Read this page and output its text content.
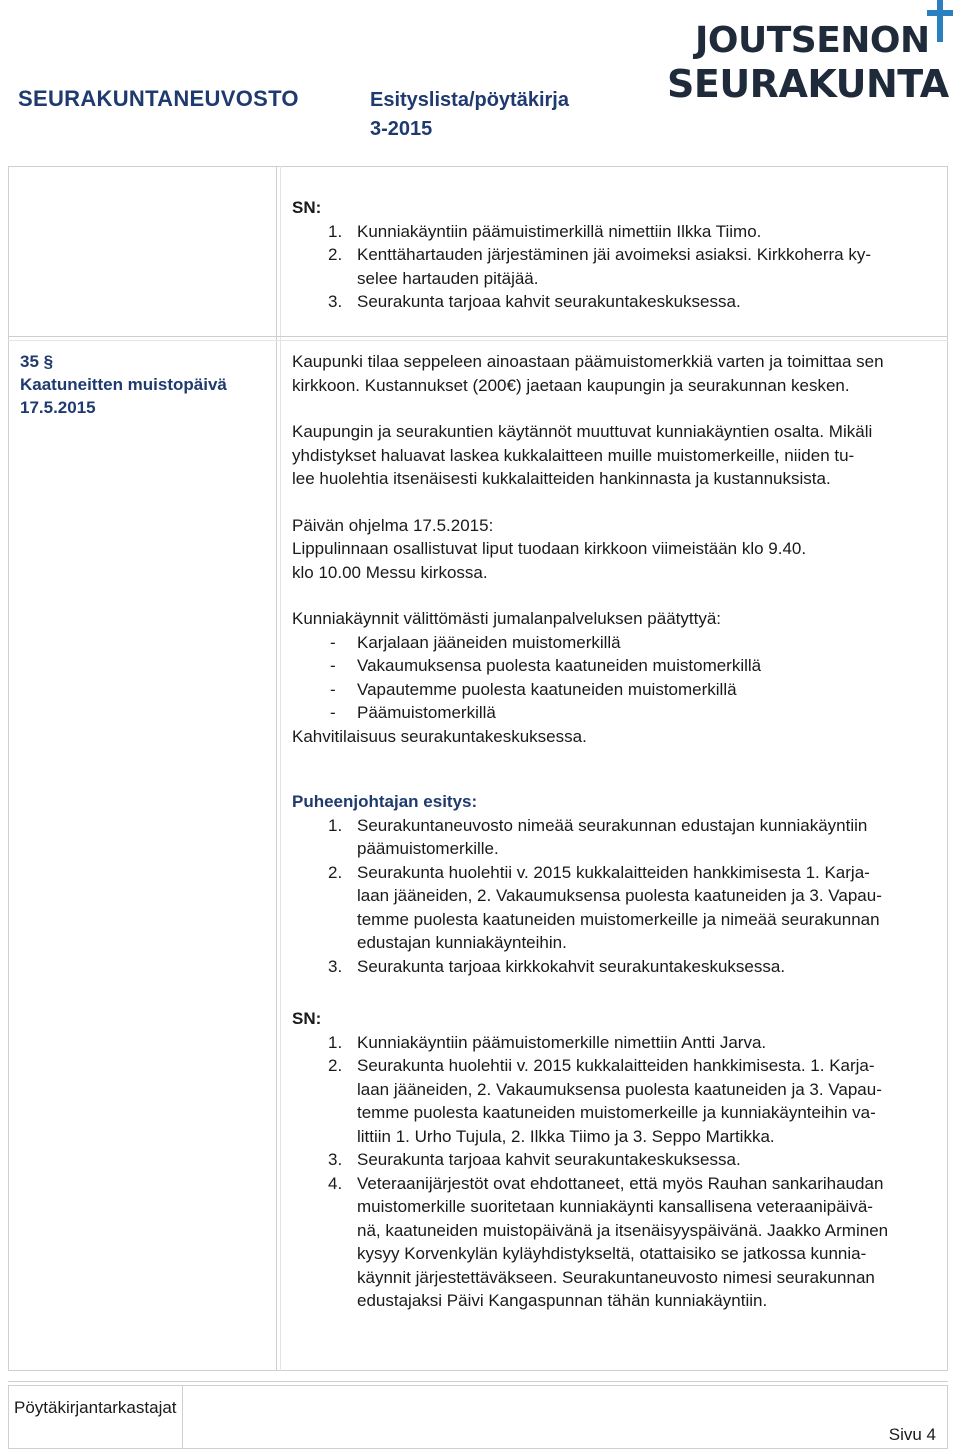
SEURAKUNTANEUVOSTO	Esityslista/pöytäkirja
3-2015
JOUTSENON
SEURAKUNTA
SN:
1. Kunniakäyntiin päämuistimerkillä nimettiin Ilkka Tiimo.
2. Kenttähartauden järjestäminen jäi avoimeksi asiaksi. Kirkkoherra ky-
selee hartauden pitäjää.
3. Seurakunta tarjoaa kahvit seurakuntakeskuksessa.
35 §
Kaatuneitten muistopäivä
17.5.2015
Kaupunki tilaa seppeleen ainoastaan päämuistomerkkiä varten ja toimittaa sen
kirkkoon. Kustannukset (200€) jaetaan kaupungin ja seurakunnan kesken.
Kaupungin ja seurakuntien käytännöt muuttuvat kunniakäyntien osalta. Mikäli
yhdistykset haluavat laskea kukkalaitteen muille muistomerkeille, niiden tu-
lee huolehtia itsenäisesti kukkalaitteiden hankinnasta ja kustannuksista.
Päivän ohjelma 17.5.2015:
Lippulinnaan osallistuvat liput tuodaan kirkkoon viimeistään klo 9.40.
klo 10.00 Messu kirkossa.
Kunniakäynnit välittömästi jumalanpalveluksen päätyttyä:
- Karjalaan jääneiden muistomerkillä
- Vakaumuksensa puolesta kaatuneiden muistomerkillä
- Vapautemme puolesta kaatuneiden muistomerkillä
- Päämuistomerkillä
Kahvitilaisuus seurakuntakeskuksessa.
Puheenjohtajan esitys:
1. Seurakuntaneuvosto nimeää seurakunnan edustajan kunniakäyntiin
päämuistomerkille.
2. Seurakunta huolehtii v. 2015 kukkalaitteiden hankkimisesta 1. Karja-
laan jääneiden, 2. Vakaumuksensa puolesta kaatuneiden ja 3. Vapau-
temme puolesta kaatuneiden muistomerkeille ja nimeää seurakunnan
edustajan kunniakäynteihin.
3. Seurakunta tarjoaa kirkkokahvit seurakuntakeskuksessa.
SN:
1. Kunniakäyntiin päämuistomerkille nimettiin Antti Jarva.
2. Seurakunta huolehtii v. 2015 kukkalaitteiden hankkimisesta. 1. Karja-
laan jääneiden, 2. Vakaumuksensa puolesta kaatuneiden ja 3. Vapau-
temme puolesta kaatuneiden muistomerkeille ja kunniakäynteihin va-
littiin 1. Urho Tujula, 2. Ilkka Tiimo ja 3. Seppo Martikka.
3. Seurakunta tarjoaa kahvit seurakuntakeskuksessa.
4. Veteraanijärjestöt ovat ehdottaneet, että myös Rauhan sankarihaudan
muistomerkille suoritetaan kunniakäynti kansallisena veteraanipäivä-
nä, kaatuneiden muistopäivänä ja itsenäisyyspäivänä. Jaakko Arminen
kysyy Korvenkylän kyläyhdistykseltä, otattaisiko se jatkossa kunnia-
käynnit järjestettäväkseen. Seurakuntaneuvosto nimesi seurakunnan
edustajaksi Päivi Kangaspunnan tähän kunniakäyntiin.
Pöytäkirjantarkastajat
Sivu 4
